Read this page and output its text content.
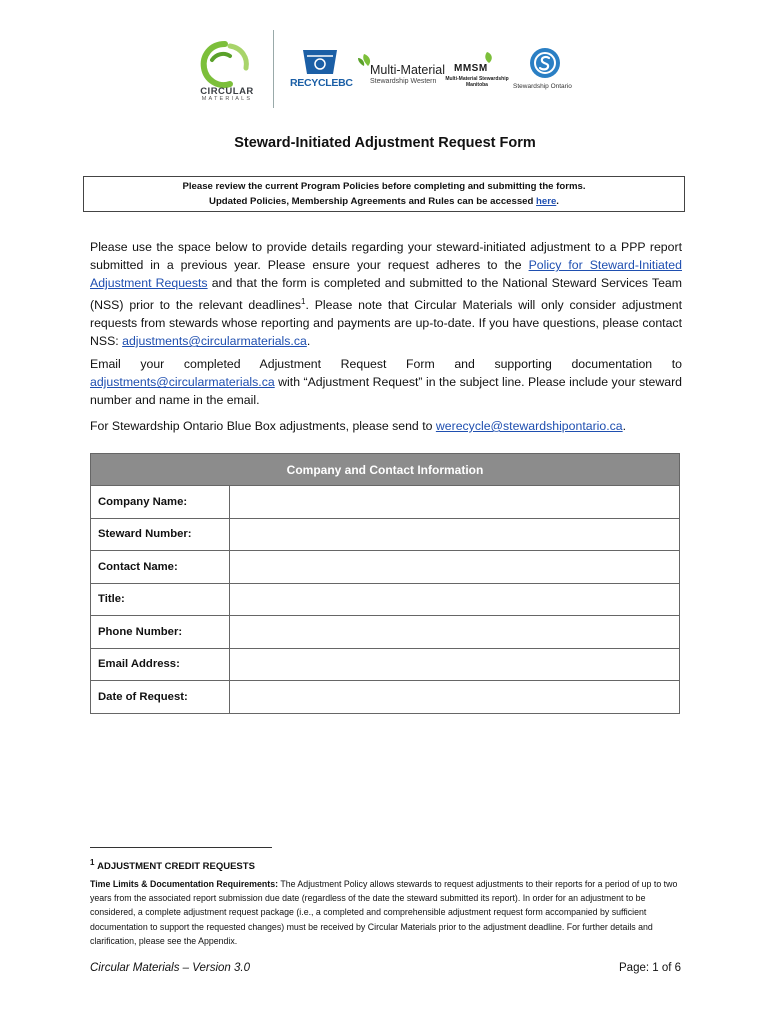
CIRCULAR
MATERIALS
RECYCLEBC
Multi-Material
Stewardship Western
MMSM
Multi-Material Stewardship Manitoba	Stewardship Ontario
Steward-Initiated Adjustment Request Form
Please review the current Program Policies before completing and submitting the forms.
Updated Policies, Membership Agreements and Rules can be accessed here.
Please use the space below to provide details regarding your steward-initiated adjustment to a PPP report submitted in a previous year. Please ensure your request adheres to the Policy for Steward-Initiated Adjustment Requests and that the form is completed and submitted to the National Steward Services Team (NSS) prior to the relevant deadlines$^1$. Please note that Circular Materials will only consider adjustment requests from stewards whose reporting and payments are up-to-date. If you have questions, please contact NSS: adjustments@circularmaterials.ca.
Email your completed Adjustment Request Form and supporting documentation to adjustments@circularmaterials.ca with “Adjustment Request” in the subject line. Please include your steward number and name in the email.
For Stewardship Ontario Blue Box adjustments, please send to werecycle@stewardshipontario.ca.
Company and Contact Information	
Company Name:	
Steward Number:	
Contact Name:	
Title:	
Phone Number:	
Email Address:	
Date of Request:	
$^1$ ADJUSTMENT CREDIT REQUESTS
Time Limits & Documentation Requirements: The Adjustment Policy allows stewards to request adjustments to their reports for a period of up to two years from the associated report submission due date (regardless of the date the steward submitted its report). In order for an adjustment to be considered, a complete adjustment request package (i.e., a completed and comprehensible adjustment request form accompanied by sufficient documentation to support the requested changes) must be received by Circular Materials prior to the adjustment deadline. For further details and clarification, please see the Appendix.
Circular Materials – Version 3.0	Page: 1 of 6
